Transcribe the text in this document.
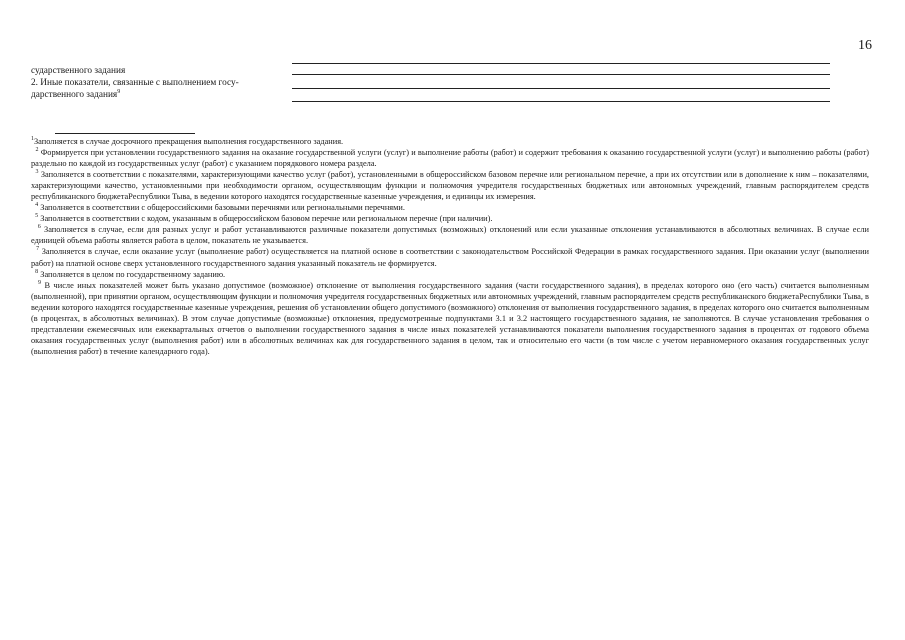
16
сударственного задания
2. Иные показатели, связанные с выполнением госу-
дарственного задания$^9$

$^1$Заполняется в случае досрочного прекращения выполнения государственного задания.

$^2$ Формируется при установлении государственного задания на оказание государственной услуги (услуг) и выполнение работы (работ) и содержит требования к оказанию государственной услуги (услуг) и выполнению работы (работ) раздельно по каждой из государственных услуг (работ) с указанием порядкового номера раздела.

$^3$ Заполняется в соответствии с показателями, характеризующими качество услуг (работ), установленными в общероссийском базовом перечне или региональном перечне, а при их отсутствии или в дополнение к ним – показателями, характеризующими качество, установленными при необходимости органом, осуществляющим функции и полномочия учредителя государственных бюджетных или автономных учреждений, главным распорядителем средств республиканского бюджетаРеспублики Тыва, в ведении которого находятся государственные казенные учреждения, и единицы их измерения.

$^4$ Заполняется в соответствии с общероссийскими базовыми перечнями или региональными перечнями.

$^5$ Заполняется в соответствии с кодом, указанным в общероссийском базовом перечне или региональном перечне (при наличии).

$^6$ Заполняется в случае, если для разных услуг и работ устанавливаются различные показатели допустимых (возможных) отклонений или если указанные отклонения устанавливаются в абсолютных величинах. В случае если единицей объема работы является работа в целом, показатель не указывается.

$^7$ Заполняется в случае, если оказание услуг (выполнение работ) осуществляется на платной основе в соответствии с законодательством Российской Федерации в рамках государственного задания. При оказании услуг (выполнении работ) на платной основе сверх установленного государственного задания указанный показатель не формируется.

$^8$ Заполняется в целом по государственному заданию.

$^9$ В числе иных показателей может быть указано допустимое (возможное) отклонение от выполнения государственного задания (части государственного задания), в пределах которого оно (его часть) считается выполненным (выполненной), при принятии органом, осуществляющим функции и полномочия учредителя государственных бюджетных или автономных учреждений, главным распорядителем средств республиканского бюджетаРеспублики Тыва, в ведении которого находятся государственные казенные учреждения, решения об установлении общего допустимого (возможного) отклонения от выполнения государственного задания, в пределах которого оно считается выполненным (в процентах, в абсолютных величинах). В этом случае допустимые (возможные) отклонения, предусмотренные подпунктами 3.1 и 3.2 настоящего государственного задания, не заполняются. В случае установления требования о представлении ежемесячных или ежеквартальных отчетов о выполнении государственного задания в числе иных показателей устанавливаются показатели выполнения государственного задания в процентах от годового объема оказания государственных услуг (выполнения работ) или в абсолютных величинах как для государственного задания в целом, так и относительно его части (в том числе с учетом неравномерного оказания государственных услуг (выполнения работ) в течение календарного года).
